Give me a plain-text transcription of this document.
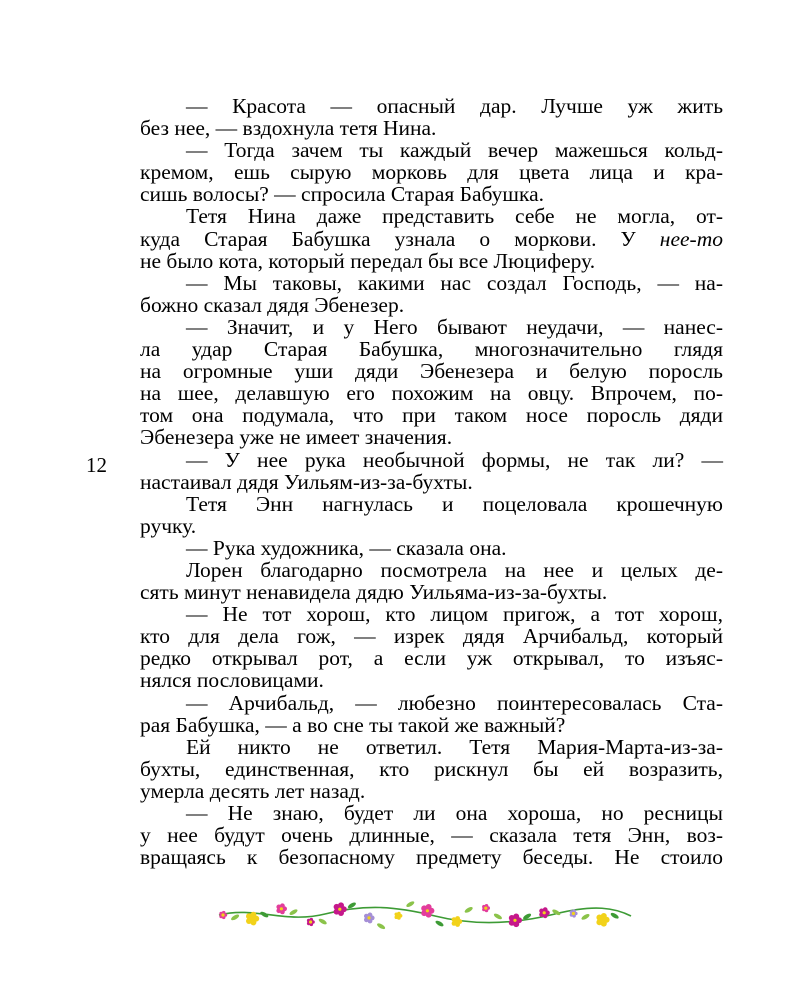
12
— Красота — опасный дар. Лучше уж жить
без нее, — вздохнула тетя Нина.
— Тогда зачем ты каждый вечер мажешься кольд-
кремом, ешь сырую морковь для цвета лица и кра-
сишь волосы? — спросила Старая Бабушка.
Тетя Нина даже представить себе не могла, от-
куда Старая Бабушка узнала о моркови. У нее-то
не было кота, который передал бы все Люциферу.
— Мы таковы, какими нас создал Господь, — на-
божно сказал дядя Эбенезер.
— Значит, и у Него бывают неудачи, — нанес-
ла удар Старая Бабушка, многозначительно глядя
на огромные уши дяди Эбенезера и белую поросль
на шее, делавшую его похожим на овцу. Впрочем, по-
том она подумала, что при таком носе поросль дяди
Эбенезера уже не имеет значения.
— У нее рука необычной формы, не так ли? —
настаивал дядя Уильям-из-за-бухты.
Тетя Энн нагнулась и поцеловала крошечную
ручку.
— Рука художника, — сказала она.
Лорен благодарно посмотрела на нее и целых де-
сять минут ненавидела дядю Уильяма-из-за-бухты.
— Не тот хорош, кто лицом пригож, а тот хорош,
кто для дела гож, — изрек дядя Арчибальд, который
редко открывал рот, а если уж открывал, то изъяс-
нялся пословицами.
— Арчибальд, — любезно поинтересовалась Ста-
рая Бабушка, — а во сне ты такой же важный?
Ей никто не ответил. Тетя Мария-Марта-из-за-
бухты, единственная, кто рискнул бы ей возразить,
умерла десять лет назад.
— Не знаю, будет ли она хороша, но ресницы
у нее будут очень длинные, — сказала тетя Энн, воз-
вращаясь к безопасному предмету беседы. Не стоило
